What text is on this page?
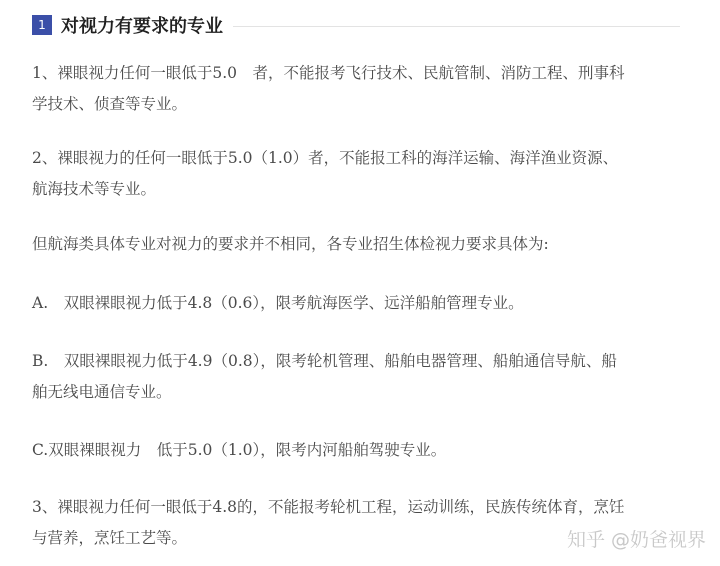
1 对视力有要求的专业

1、裸眼视力任何一眼低于5.0　者，不能报考飞行技术、民航管制、消防工程、刑事科
学技术、侦查等专业。

2、裸眼视力的任何一眼低于5.0（1.0）者，不能报工科的海洋运输、海洋渔业资源、
航海技术等专业。

但航海类具体专业对视力的要求并不相同，各专业招生体检视力要求具体为:

A.　双眼裸眼视力低于4.8（0.6），限考航海医学、远洋船舶管理专业。

B.　双眼裸眼视力低于4.9（0.8），限考轮机管理、船舶电器管理、船舶通信导航、船
舶无线电通信专业。

C.双眼裸眼视力　低于5.0（1.0），限考内河船舶驾驶专业。

3、裸眼视力任何一眼低于4.8的，不能报考轮机工程，运动训练，民族传统体育，烹饪
与营养，烹饪工艺等。	知乎 @奶爸视界
